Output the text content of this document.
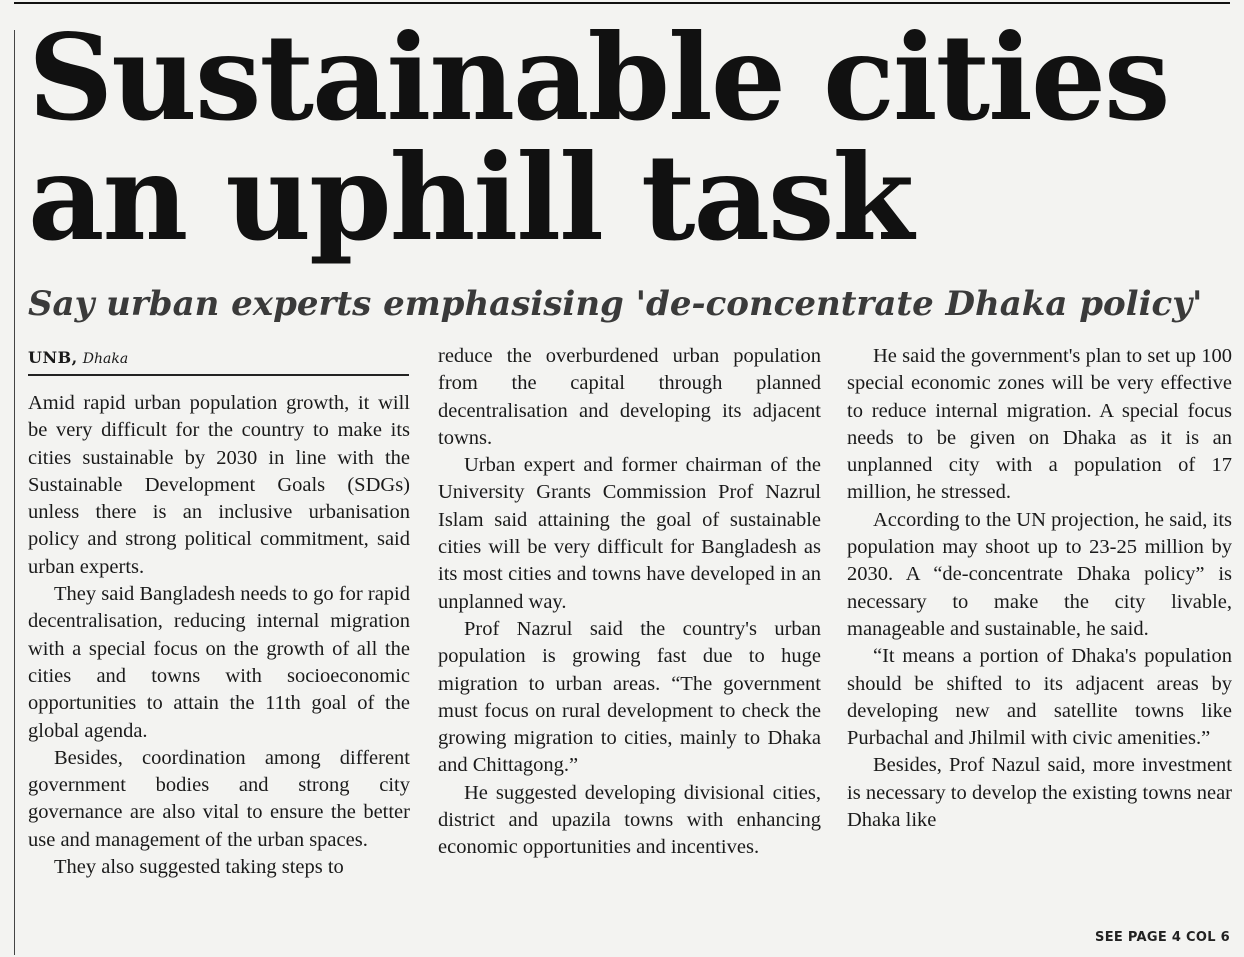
Sustainable cities an uphill task
Say urban experts emphasising 'de-concentrate Dhaka policy'
UNB, Dhaka

Amid rapid urban population growth, it will be very difficult for the country to make its cities sustainable by 2030 in line with the Sustainable Development Goals (SDGs) unless there is an inclusive urbanisation policy and strong political commitment, said urban experts.

They said Bangladesh needs to go for rapid decentralisation, reducing internal migration with a special focus on the growth of all the cities and towns with socioeconomic opportunities to attain the 11th goal of the global agenda.

Besides, coordination among different government bodies and strong city governance are also vital to ensure the better use and management of the urban spaces.

They also suggested taking steps to

reduce the overburdened urban population from the capital through planned decentralisation and developing its adjacent towns.

Urban expert and former chairman of the University Grants Commission Prof Nazrul Islam said attaining the goal of sustainable cities will be very difficult for Bangladesh as its most cities and towns have developed in an unplanned way.

Prof Nazrul said the country's urban population is growing fast due to huge migration to urban areas. “The government must focus on rural development to check the growing migration to cities, mainly to Dhaka and Chittagong.”

He suggested developing divisional cities, district and upazila towns with enhancing economic opportunities and incentives.

He said the government's plan to set up 100 special economic zones will be very effective to reduce internal migration. A special focus needs to be given on Dhaka as it is an unplanned city with a population of 17 million, he stressed.

According to the UN projection, he said, its population may shoot up to 23-25 million by 2030. A “de-concentrate Dhaka policy” is necessary to make the city livable, manageable and sustainable, he said.

“It means a portion of Dhaka's population should be shifted to its adjacent areas by developing new and satellite towns like Purbachal and Jhilmil with civic amenities.”

Besides, Prof Nazul said, more investment is necessary to develop the existing towns near Dhaka like

SEE PAGE 4 COL 6
